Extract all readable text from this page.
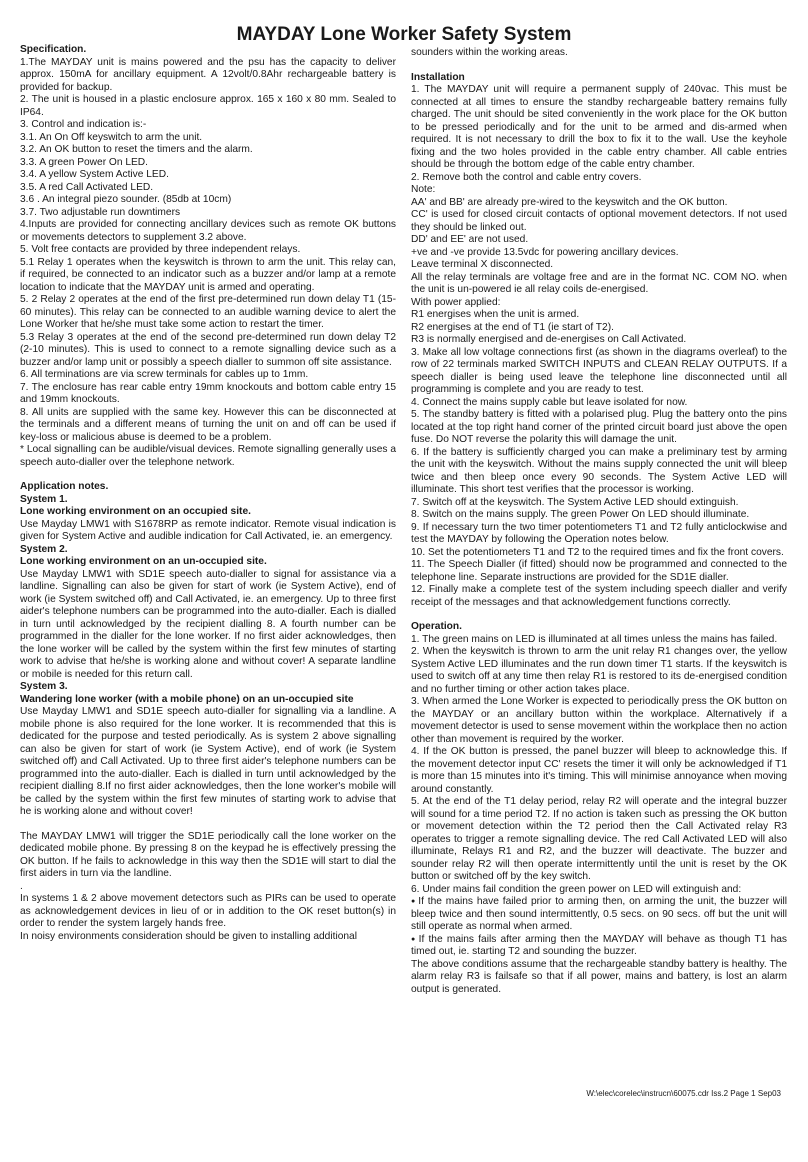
MAYDAY Lone Worker Safety System
Specification.
1.The MAYDAY unit is mains powered and the psu has the capacity to deliver approx. 150mA for ancillary equipment. A 12volt/0.8Ahr rechargeable battery is provided for backup.
2. The unit is housed in a plastic enclosure approx. 165 x 160 x 80 mm. Sealed to IP64.
3. Control and indication is:-
3.1. An On Off keyswitch to arm the unit.
3.2. An OK button to reset the timers and the alarm.
3.3. A green Power On LED.
3.4. A yellow System Active LED.
3.5. A red Call Activated LED.
3.6 . An integral piezo sounder. (85db at 10cm)
3.7. Two adjustable run downtimers
4.Inputs are provided for connecting ancillary devices such as remote OK buttons or movements detectors to supplement 3.2 above.
5. Volt free contacts are provided by three independent relays.
5.1 Relay 1 operates when the keyswitch is thrown to arm the unit. This relay can, if required, be connected to an indicator such as a buzzer and/or lamp at a remote location to indicate that the MAYDAY unit is armed and operating.
5. 2 Relay 2 operates at the end of the first pre-determined run down delay T1 (15-60 minutes). This relay can be connected to an audible warning device to alert the Lone Worker that he/she must take some action to restart the timer.
5.3 Relay 3 operates at the end of the second pre-determined run down delay T2 (2-10 minutes). This is used to connect to a remote signalling device such as a buzzer and/or lamp unit or possibly a speech dialler to summon off site assistance.
6. All terminations are via screw terminals for cables up to 1mm.
7. The enclosure has rear cable entry 19mm knockouts and bottom cable entry 15 and 19mm knockouts.
8. All units are supplied with the same key. However this can be disconnected at the terminals and a different means of turning the unit on and off can be used if key-loss or malicious abuse is deemed to be a problem.
* Local signalling can be audible/visual devices. Remote signalling generally uses a speech auto-dialler over the telephone network.
Application notes.
System 1.
Lone working environment on an occupied site.
Use Mayday LMW1 with S1678RP as remote indicator. Remote visual indication is given for System Active and audible indication for Call Activated, ie. an emergency.
System 2.
Lone working environment on an un-occupied site.
Use Mayday LMW1 with SD1E speech auto-dialler to signal for assistance via a landline. Signalling can also be given for start of work (ie System Active), end of work (ie System switched off) and Call Activated, ie. an emergency. Up to three first aider's telephone numbers can be programmed into the auto-dialler. Each is dialled in turn until acknowledged by the recipient dialling 8. A fourth number can be programmed in the dialler for the lone worker. If no first aider acknowledges, then the lone worker will be called by the system within the first few minutes of starting work to advise that he/she is working alone and without cover! A separate landline or mobile is needed for this return call.
System 3.
Wandering lone worker (with a mobile phone) on an un-occupied site
Use Mayday LMW1 and SD1E speech auto-dialler for signalling via a landline. A mobile phone is also required for the lone worker. It is recommended that this is dedicated for the purpose and tested periodically. As is system 2 above signalling can also be given for start of work (ie System Active), end of work (ie System switched off) and Call Activated. Up to three first aider's telephone numbers can be programmed into the auto-dialler. Each is dialled in turn until acknowledged by the recipient dialling 8.If no first aider acknowledges, then the lone worker's mobile will be called by the system within the first few minutes of starting work to advise that he is working alone and without cover!
The MAYDAY LMW1 will trigger the SD1E periodically call the lone worker on the dedicated mobile phone. By pressing 8 on the keypad he is effectively pressing the OK button. If he fails to acknowledge in this way then the SD1E will start to dial the first aiders in turn via the landline.
.
In systems 1 & 2 above movement detectors such as PIRs can be used to operate as acknowledgement devices in lieu of or in addition to the OK reset button(s) in order to render the system largely hands free.
In noisy environments consideration should be given to installing additional
sounders within the working areas.
Installation
1. The MAYDAY unit will require a permanent supply of 240vac. This must be connected at all times to ensure the standby rechargeable battery remains fully charged. The unit should be sited conveniently in the work place for the OK button to be pressed periodically and for the unit to be armed and dis-armed when required. It is not necessary to drill the box to fix it to the wall. Use the keyhole fixing and the two holes provided in the cable entry chamber. All cable entries should be through the bottom edge of the cable entry chamber.
2. Remove both the control and cable entry covers.
Note:
AA' and BB' are already pre-wired to the keyswitch and the OK button.
CC' is used for closed circuit contacts of optional movement detectors. If not used they should be linked out.
DD' and EE' are not used.
+ve and -ve provide 13.5vdc for powering ancillary devices.
Leave terminal X disconnected.
All the relay terminals are voltage free and are in the format NC. COM NO. when the unit is un-powered ie all relay coils de-energised.
With power applied:
R1 energises when the unit is armed.
R2 energises at the end of T1 (ie start of T2).
R3 is normally energised and de-energises on Call Activated.
3. Make all low voltage connections first (as shown in the diagrams overleaf) to the row of 22 terminals marked SWITCH INPUTS and CLEAN RELAY OUTPUTS. If a speech dialler is being used leave the telephone line disconnected until all programming is complete and you are ready to test.
4. Connect the mains supply cable but leave isolated for now.
5. The standby battery is fitted with a polarised plug. Plug the battery onto the pins located at the top right hand corner of the printed circuit board just above the open fuse. Do NOT reverse the polarity this will damage the unit.
6. If the battery is sufficiently charged you can make a preliminary test by arming the unit with the keyswitch. Without the mains supply connected the unit will bleep twice and then bleep once every 90 seconds. The System Active LED will illuminate. This short test verifies that the processor is working.
7. Switch off at the keyswitch. The System Active LED should extinguish.
8. Switch on the mains supply. The green Power On LED should illuminate.
9. If necessary turn the two timer potentiometers T1 and T2 fully anticlockwise and test the MAYDAY by following the Operation notes below.
10. Set the potentiometers T1 and T2 to the required times and fix the front covers.
11. The Speech Dialler (if fitted) should now be programmed and connected to the telephone line. Separate instructions are provided for the SD1E dialler.
12. Finally make a complete test of the system including speech dialler and verify receipt of the messages and that acknowledgement functions correctly.
Operation.
1. The green mains on LED is illuminated at all times unless the mains has failed.
2. When the keyswitch is thrown to arm the unit relay R1 changes over, the yellow System Active LED illuminates and the run down timer T1 starts. If the keyswitch is used to switch off at any time then relay R1 is restored to its de-energised condition and no further timing or other action takes place.
3. When armed the Lone Worker is expected to periodically press the OK button on the MAYDAY or an ancillary button within the workplace. Alternatively if a movement detector is used to sense movement within the workplace then no action other than movement is required by the worker.
4. If the OK button is pressed, the panel buzzer will bleep to acknowledge this. If the movement detector input CC' resets the timer it will only be acknowledged if T1 is more than 15 minutes into it's timing. This will minimise annoyance when moving around constantly.
5. At the end of the T1 delay period, relay R2 will operate and the integral buzzer will sound for a time period T2. If no action is taken such as pressing the OK button or movement detection within the T2 period then the Call Activated relay R3 operates to trigger a remote signalling device. The red Call Activated LED will also illuminate, Relays R1 and R2, and the buzzer will deactivate. The buzzer and sounder relay R2 will then operate intermittently until the unit is reset by the OK button or switched off by the key switch.
6. Under mains fail condition the green power on LED will extinguish and:
● If the mains have failed prior to arming then, on arming the unit, the buzzer will bleep twice and then sound intermittently, 0.5 secs. on 90 secs. off but the unit will still operate as normal when armed.
● If the mains fails after arming then the MAYDAY will behave as though T1 has timed out, ie. starting T2 and sounding the buzzer.
The above conditions assume that the rechargeable standby battery is healthy. The alarm relay R3 is failsafe so that if all power, mains and battery, is lost an alarm output is generated.
W:\elec\corelec\instrucn\60075.cdr Iss.2 Page 1 Sep03
